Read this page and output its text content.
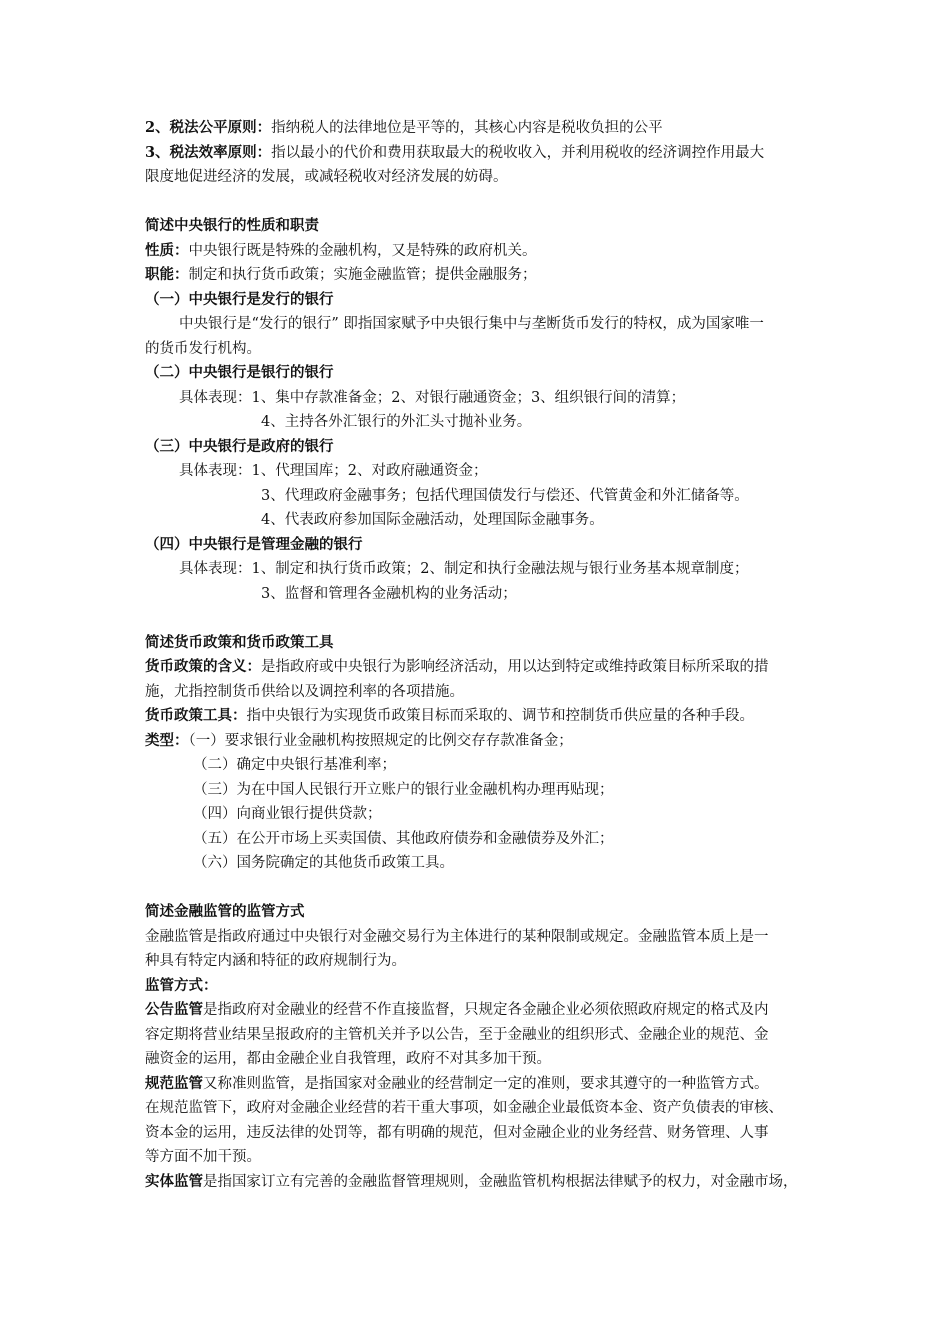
2、税法公平原则：指纳税人的法律地位是平等的，其核心内容是税收负担的公平
3、税法效率原则：指以最小的代价和费用获取最大的税收收入，并利用税收的经济调控作用最大
限度地促进经济的发展，或减轻税收对经济发展的妨碍。
简述中央银行的性质和职责
性质：中央银行既是特殊的金融机构，又是特殊的政府机关。
职能：制定和执行货币政策；实施金融监管；提供金融服务；
（一）中央银行是发行的银行
中央银行是“发行的银行” 即指国家赋予中央银行集中与垄断货币发行的特权，成为国家唯一
的货币发行机构。
（二）中央银行是银行的银行
具体表现：1、集中存款准备金；2、对银行融通资金；3、组织银行间的清算；
4、主持各外汇银行的外汇头寸抛补业务。
（三）中央银行是政府的银行
具体表现：1、代理国库；2、对政府融通资金；
3、代理政府金融事务；包括代理国债发行与偿还、代管黄金和外汇储备等。
4、代表政府参加国际金融活动，处理国际金融事务。
（四）中央银行是管理金融的银行
具体表现：1、制定和执行货币政策；2、制定和执行金融法规与银行业务基本规章制度；
3、监督和管理各金融机构的业务活动；
简述货币政策和货币政策工具
货币政策的含义：是指政府或中央银行为影响经济活动，用以达到特定或维持政策目标所采取的措
施，尤指控制货币供给以及调控利率的各项措施。
货币政策工具：指中央银行为实现货币政策目标而采取的、调节和控制货币供应量的各种手段。
类型：（一）要求银行业金融机构按照规定的比例交存存款准备金；
（二）确定中央银行基准利率；
（三）为在中国人民银行开立账户的银行业金融机构办理再贴现；
（四）向商业银行提供贷款；
（五）在公开市场上买卖国债、其他政府债券和金融债券及外汇；
（六）国务院确定的其他货币政策工具。
简述金融监管的监管方式
金融监管是指政府通过中央银行对金融交易行为主体进行的某种限制或规定。金融监管本质上是一
种具有特定内涵和特征的政府规制行为。
监管方式：
公告监管是指政府对金融业的经营不作直接监督，只规定各金融企业必须依照政府规定的格式及内
容定期将营业结果呈报政府的主管机关并予以公告，至于金融业的组织形式、金融企业的规范、金
融资金的运用，都由金融企业自我管理，政府不对其多加干预。
规范监管又称准则监管，是指国家对金融业的经营制定一定的准则，要求其遵守的一种监管方式。
在规范监管下，政府对金融企业经营的若干重大事项，如金融企业最低资本金、资产负债表的审核、
资本金的运用，违反法律的处罚等，都有明确的规范，但对金融企业的业务经营、财务管理、人事
等方面不加干预。
实体监管是指国家订立有完善的金融监督管理规则，金融监管机构根据法律赋予的权力，对金融市场，
